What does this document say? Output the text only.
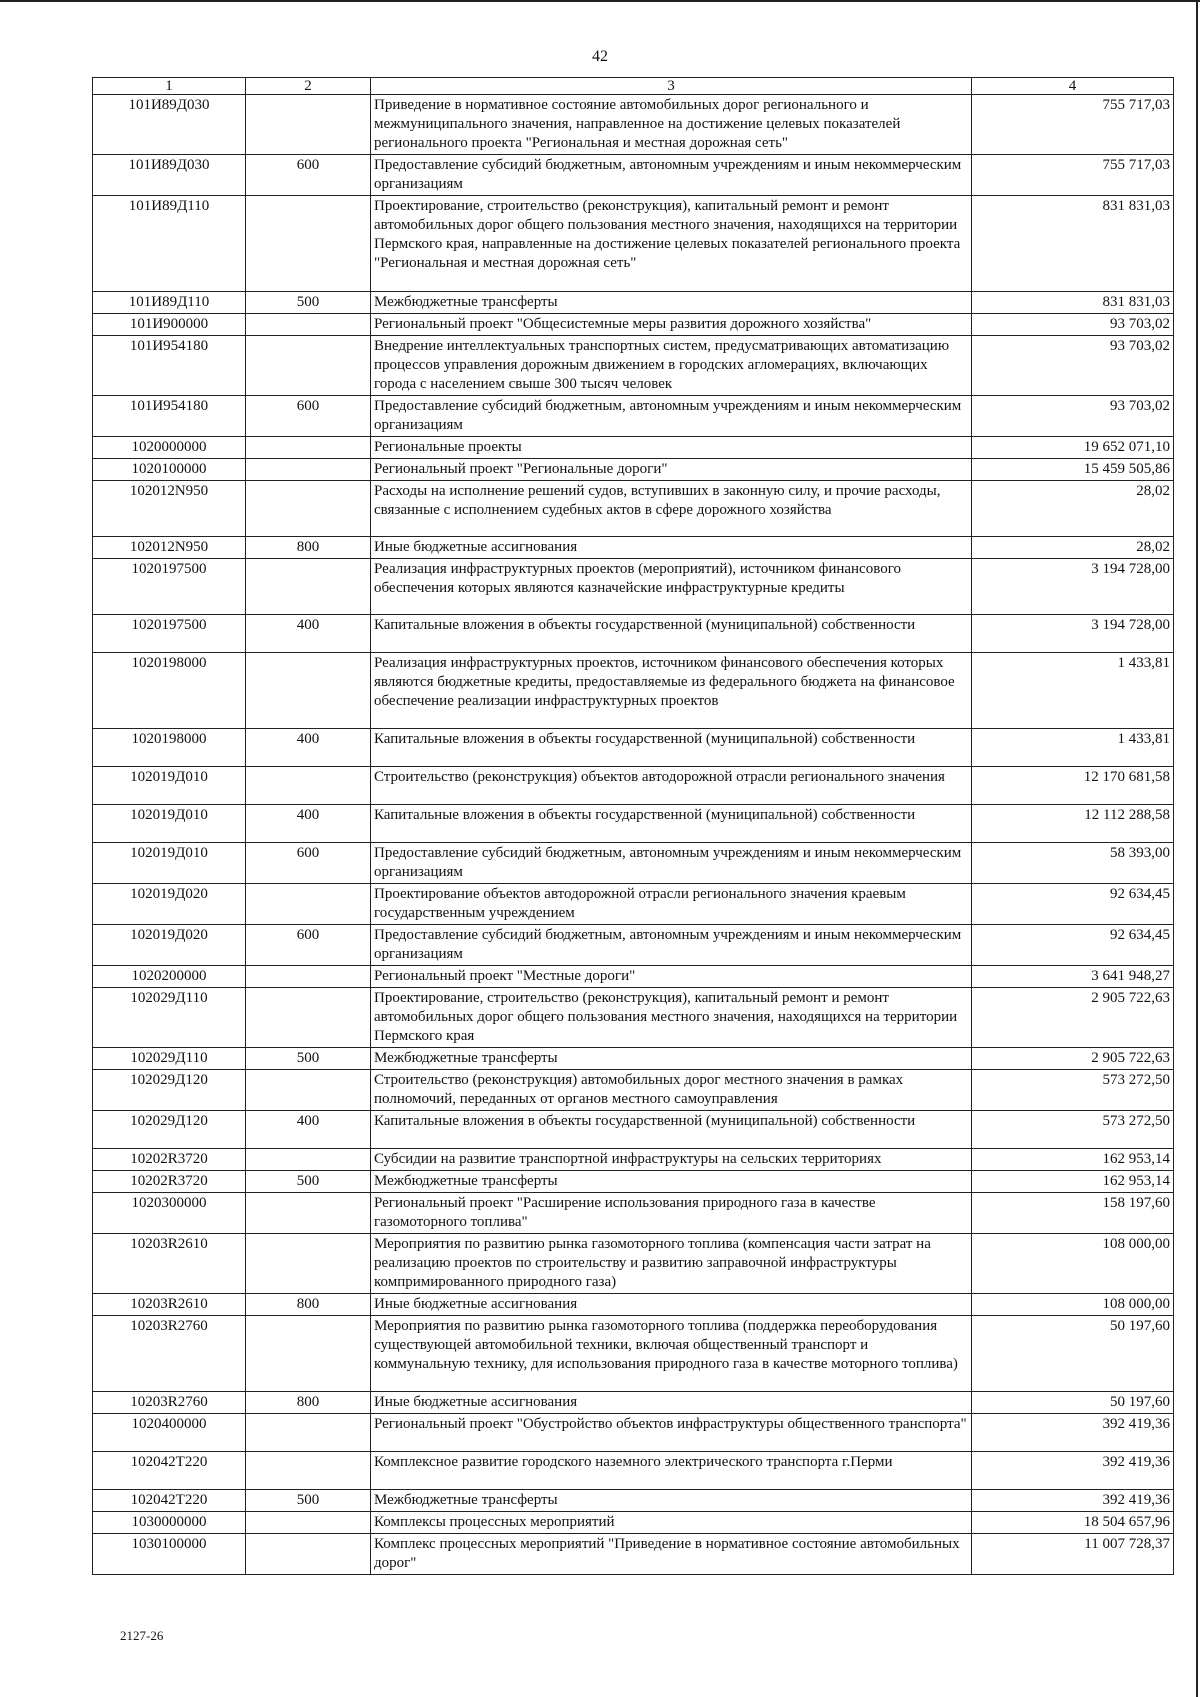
42
1	2	3	4
101И89Д030		Приведение в нормативное состояние автомобильных дорог регионального и межмуниципального значения, направленное на достижение целевых показателей регионального проекта "Региональная и местная дорожная сеть"	755 717,03
101И89Д030	600	Предоставление субсидий бюджетным, автономным учреждениям и иным некоммерческим организациям	755 717,03
101И89Д110		Проектирование, строительство (реконструкция), капитальный ремонт и ремонт автомобильных дорог общего пользования местного значения, находящихся на территории Пермского края, направленные на достижение целевых показателей регионального проекта "Региональная и местная дорожная сеть"	831 831,03
101И89Д110	500	Межбюджетные трансферты	831 831,03
101И900000		Региональный проект "Общесистемные меры развития дорожного хозяйства"	93 703,02
101И954180		Внедрение интеллектуальных транспортных систем, предусматривающих автоматизацию процессов управления дорожным движением в городских агломерациях, включающих города с населением свыше 300 тысяч человек	93 703,02
101И954180	600	Предоставление субсидий бюджетным, автономным учреждениям и иным некоммерческим организациям	93 703,02
1020000000		Региональные проекты	19 652 071,10
1020100000		Региональный проект "Региональные дороги"	15 459 505,86
102012N950		Расходы на исполнение решений судов, вступивших в законную силу, и прочие расходы, связанные с исполнением судебных актов в сфере дорожного хозяйства	28,02
102012N950	800	Иные бюджетные ассигнования	28,02
1020197500		Реализация инфраструктурных проектов (мероприятий), источником финансового обеспечения которых являются казначейские инфраструктурные кредиты	3 194 728,00
1020197500	400	Капитальные вложения в объекты государственной (муниципальной) собственности	3 194 728,00
1020198000		Реализация инфраструктурных проектов, источником финансового обеспечения которых являются бюджетные кредиты, предоставляемые из федерального бюджета на финансовое обеспечение реализации инфраструктурных проектов	1 433,81
1020198000	400	Капитальные вложения в объекты государственной (муниципальной) собственности	1 433,81
102019Д010		Строительство (реконструкция) объектов автодорожной отрасли регионального значения	12 170 681,58
102019Д010	400	Капитальные вложения в объекты государственной (муниципальной) собственности	12 112 288,58
102019Д010	600	Предоставление субсидий бюджетным, автономным учреждениям и иным некоммерческим организациям	58 393,00
102019Д020		Проектирование объектов автодорожной отрасли регионального значения краевым государственным учреждением	92 634,45
102019Д020	600	Предоставление субсидий бюджетным, автономным учреждениям и иным некоммерческим организациям	92 634,45
1020200000		Региональный проект "Местные дороги"	3 641 948,27
102029Д110		Проектирование, строительство (реконструкция), капитальный ремонт и ремонт автомобильных дорог общего пользования местного значения, находящихся на территории Пермского края	2 905 722,63
102029Д110	500	Межбюджетные трансферты	2 905 722,63
102029Д120		Строительство (реконструкция) автомобильных дорог местного значения в рамках полномочий, переданных от органов местного самоуправления	573 272,50
102029Д120	400	Капитальные вложения в объекты государственной (муниципальной) собственности	573 272,50
10202R3720		Субсидии на развитие транспортной инфраструктуры на сельских территориях	162 953,14
10202R3720	500	Межбюджетные трансферты	162 953,14
1020300000		Региональный проект "Расширение использования природного газа в качестве газомоторного топлива"	158 197,60
10203R2610		Мероприятия по развитию рынка газомоторного топлива (компенсация части затрат на реализацию проектов по строительству и развитию заправочной инфраструктуры компримированного природного газа)	108 000,00
10203R2610	800	Иные бюджетные ассигнования	108 000,00
10203R2760		Мероприятия по развитию рынка газомоторного топлива (поддержка переоборудования существующей автомобильной техники, включая общественный транспорт и коммунальную технику, для использования природного газа в качестве моторного топлива)	50 197,60
10203R2760	800	Иные бюджетные ассигнования	50 197,60
1020400000		Региональный проект "Обустройство объектов инфраструктуры общественного транспорта"	392 419,36
102042Т220		Комплексное развитие городского наземного электрического транспорта г.Перми	392 419,36
102042Т220	500	Межбюджетные трансферты	392 419,36
1030000000		Комплексы процессных мероприятий	18 504 657,96
1030100000		Комплекс процессных мероприятий "Приведение в нормативное состояние автомобильных дорог"	11 007 728,37
2127-26
